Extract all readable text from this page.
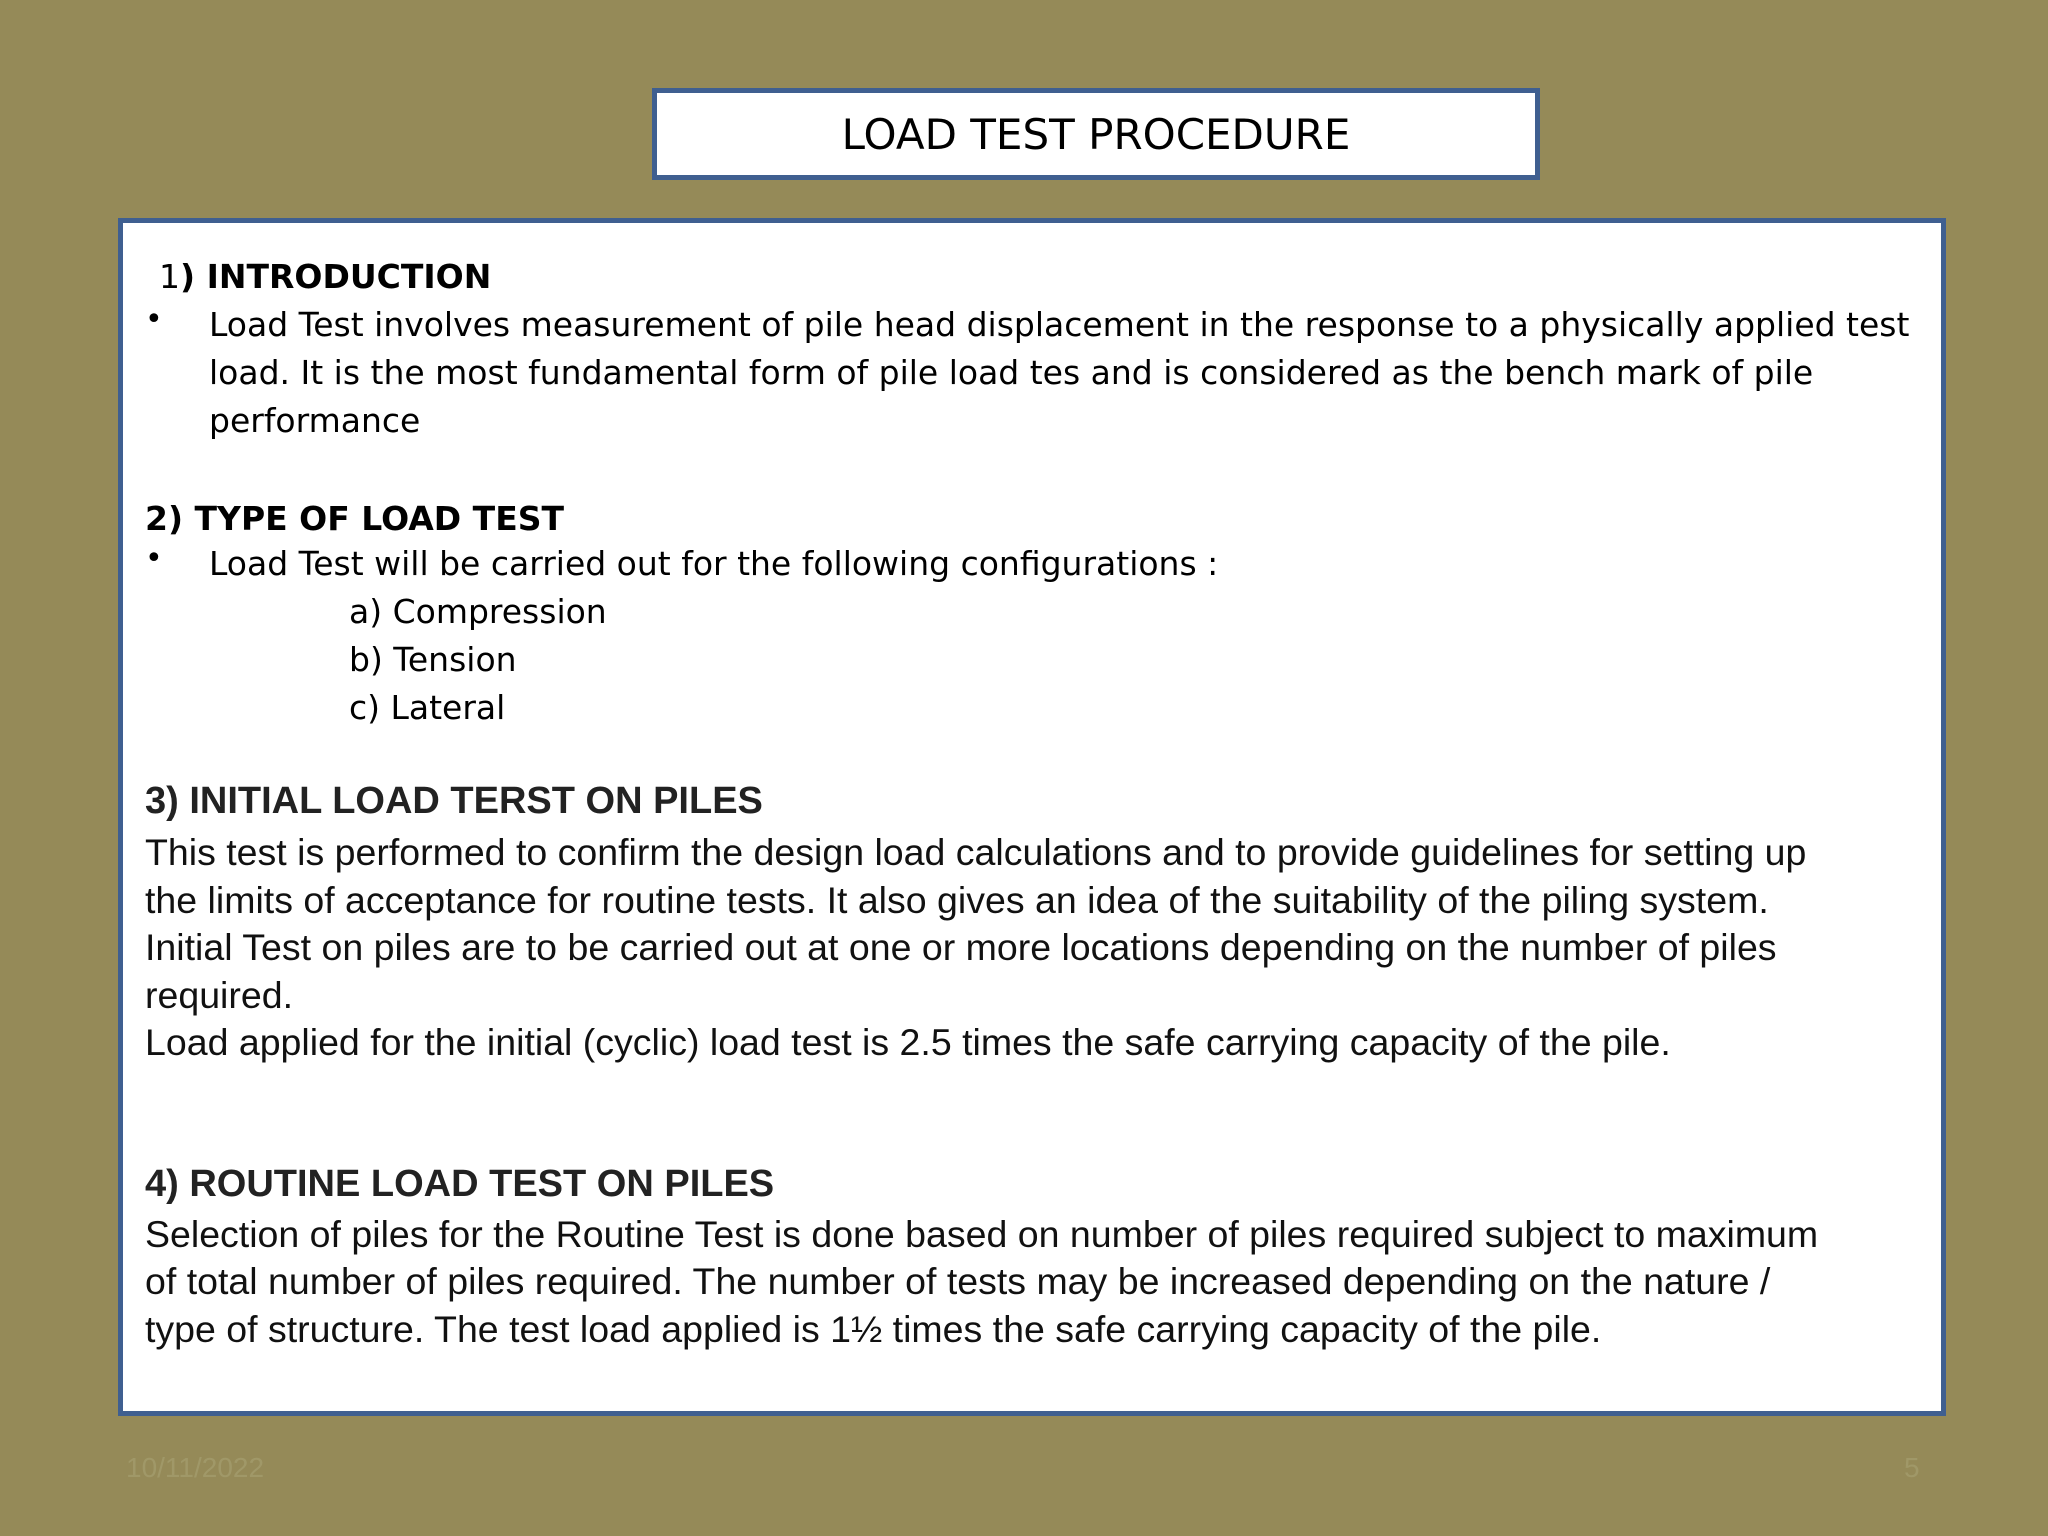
LOAD TEST PROCEDURE
1) INTRODUCTION
• Load Test involves measurement of pile head displacement in the response to a physically applied test
load. It is the most fundamental form of pile load tes and is considered as the bench mark of pile
performance
2) TYPE OF LOAD TEST
• Load Test will be carried out for the following configurations :
a) Compression
b) Tension
c) Lateral
3) INITIAL LOAD TERST ON PILES
This test is performed to confirm the design load calculations and to provide guidelines for setting up
the limits of acceptance for routine tests. It also gives an idea of the suitability of the piling system.
Initial Test on piles are to be carried out at one or more locations depending on the number of piles
required.
Load applied for the initial (cyclic) load test is 2.5 times the safe carrying capacity of the pile.
4) ROUTINE LOAD TEST ON PILES
Selection of piles for the Routine Test is done based on number of piles required subject to maximum
of total number of piles required. The number of tests may be increased depending on the nature /
type of structure. The test load applied is 1½ times the safe carrying capacity of the pile.
10/11/2022	5
